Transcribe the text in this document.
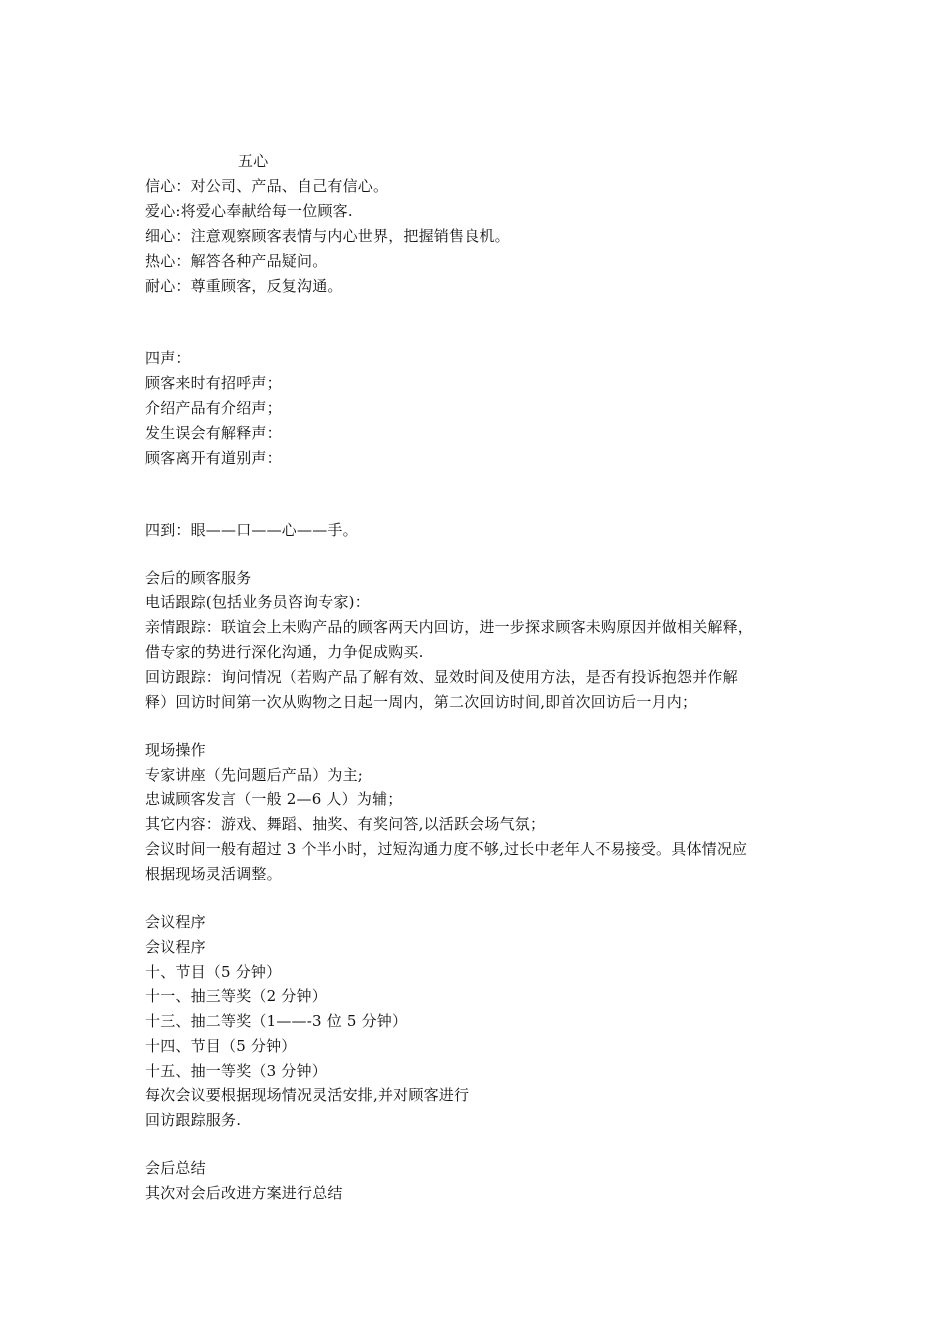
五心
信心：对公司、产品、自己有信心。
爱心:将爱心奉献给每一位顾客.
细心：注意观察顾客表情与内心世界，把握销售良机。
热心：解答各种产品疑问。
耐心：尊重顾客，反复沟通。
四声：
顾客来时有招呼声；
介绍产品有介绍声；
发生误会有解释声：
顾客离开有道别声：
四到：眼——口——心——手。
会后的顾客服务
电话跟踪(包括业务员咨询专家)：
亲情跟踪：联谊会上未购产品的顾客两天内回访，进一步探求顾客未购原因并做相关解释，
借专家的势进行深化沟通，力争促成购买.
回访跟踪：询问情况（若购产品了解有效、显效时间及使用方法，是否有投诉抱怨并作解
释）回访时间第一次从购物之日起一周内，第二次回访时间,即首次回访后一月内；
现场操作
专家讲座（先问题后产品）为主;
忠诚顾客发言（一般 2—6 人）为辅；
其它内容：游戏、舞蹈、抽奖、有奖问答,以活跃会场气氛；
会议时间一般有超过 3 个半小时，过短沟通力度不够,过长中老年人不易接受。具体情况应
根据现场灵活调整。
会议程序
会议程序
十、节目（5 分钟）
十一、抽三等奖（2 分钟）
十三、抽二等奖（1——-3 位 5 分钟）
十四、节目（5 分钟）
十五、抽一等奖（3 分钟）
每次会议要根据现场情况灵活安排,并对顾客进行
回访跟踪服务.
会后总结
其次对会后改进方案进行总结
